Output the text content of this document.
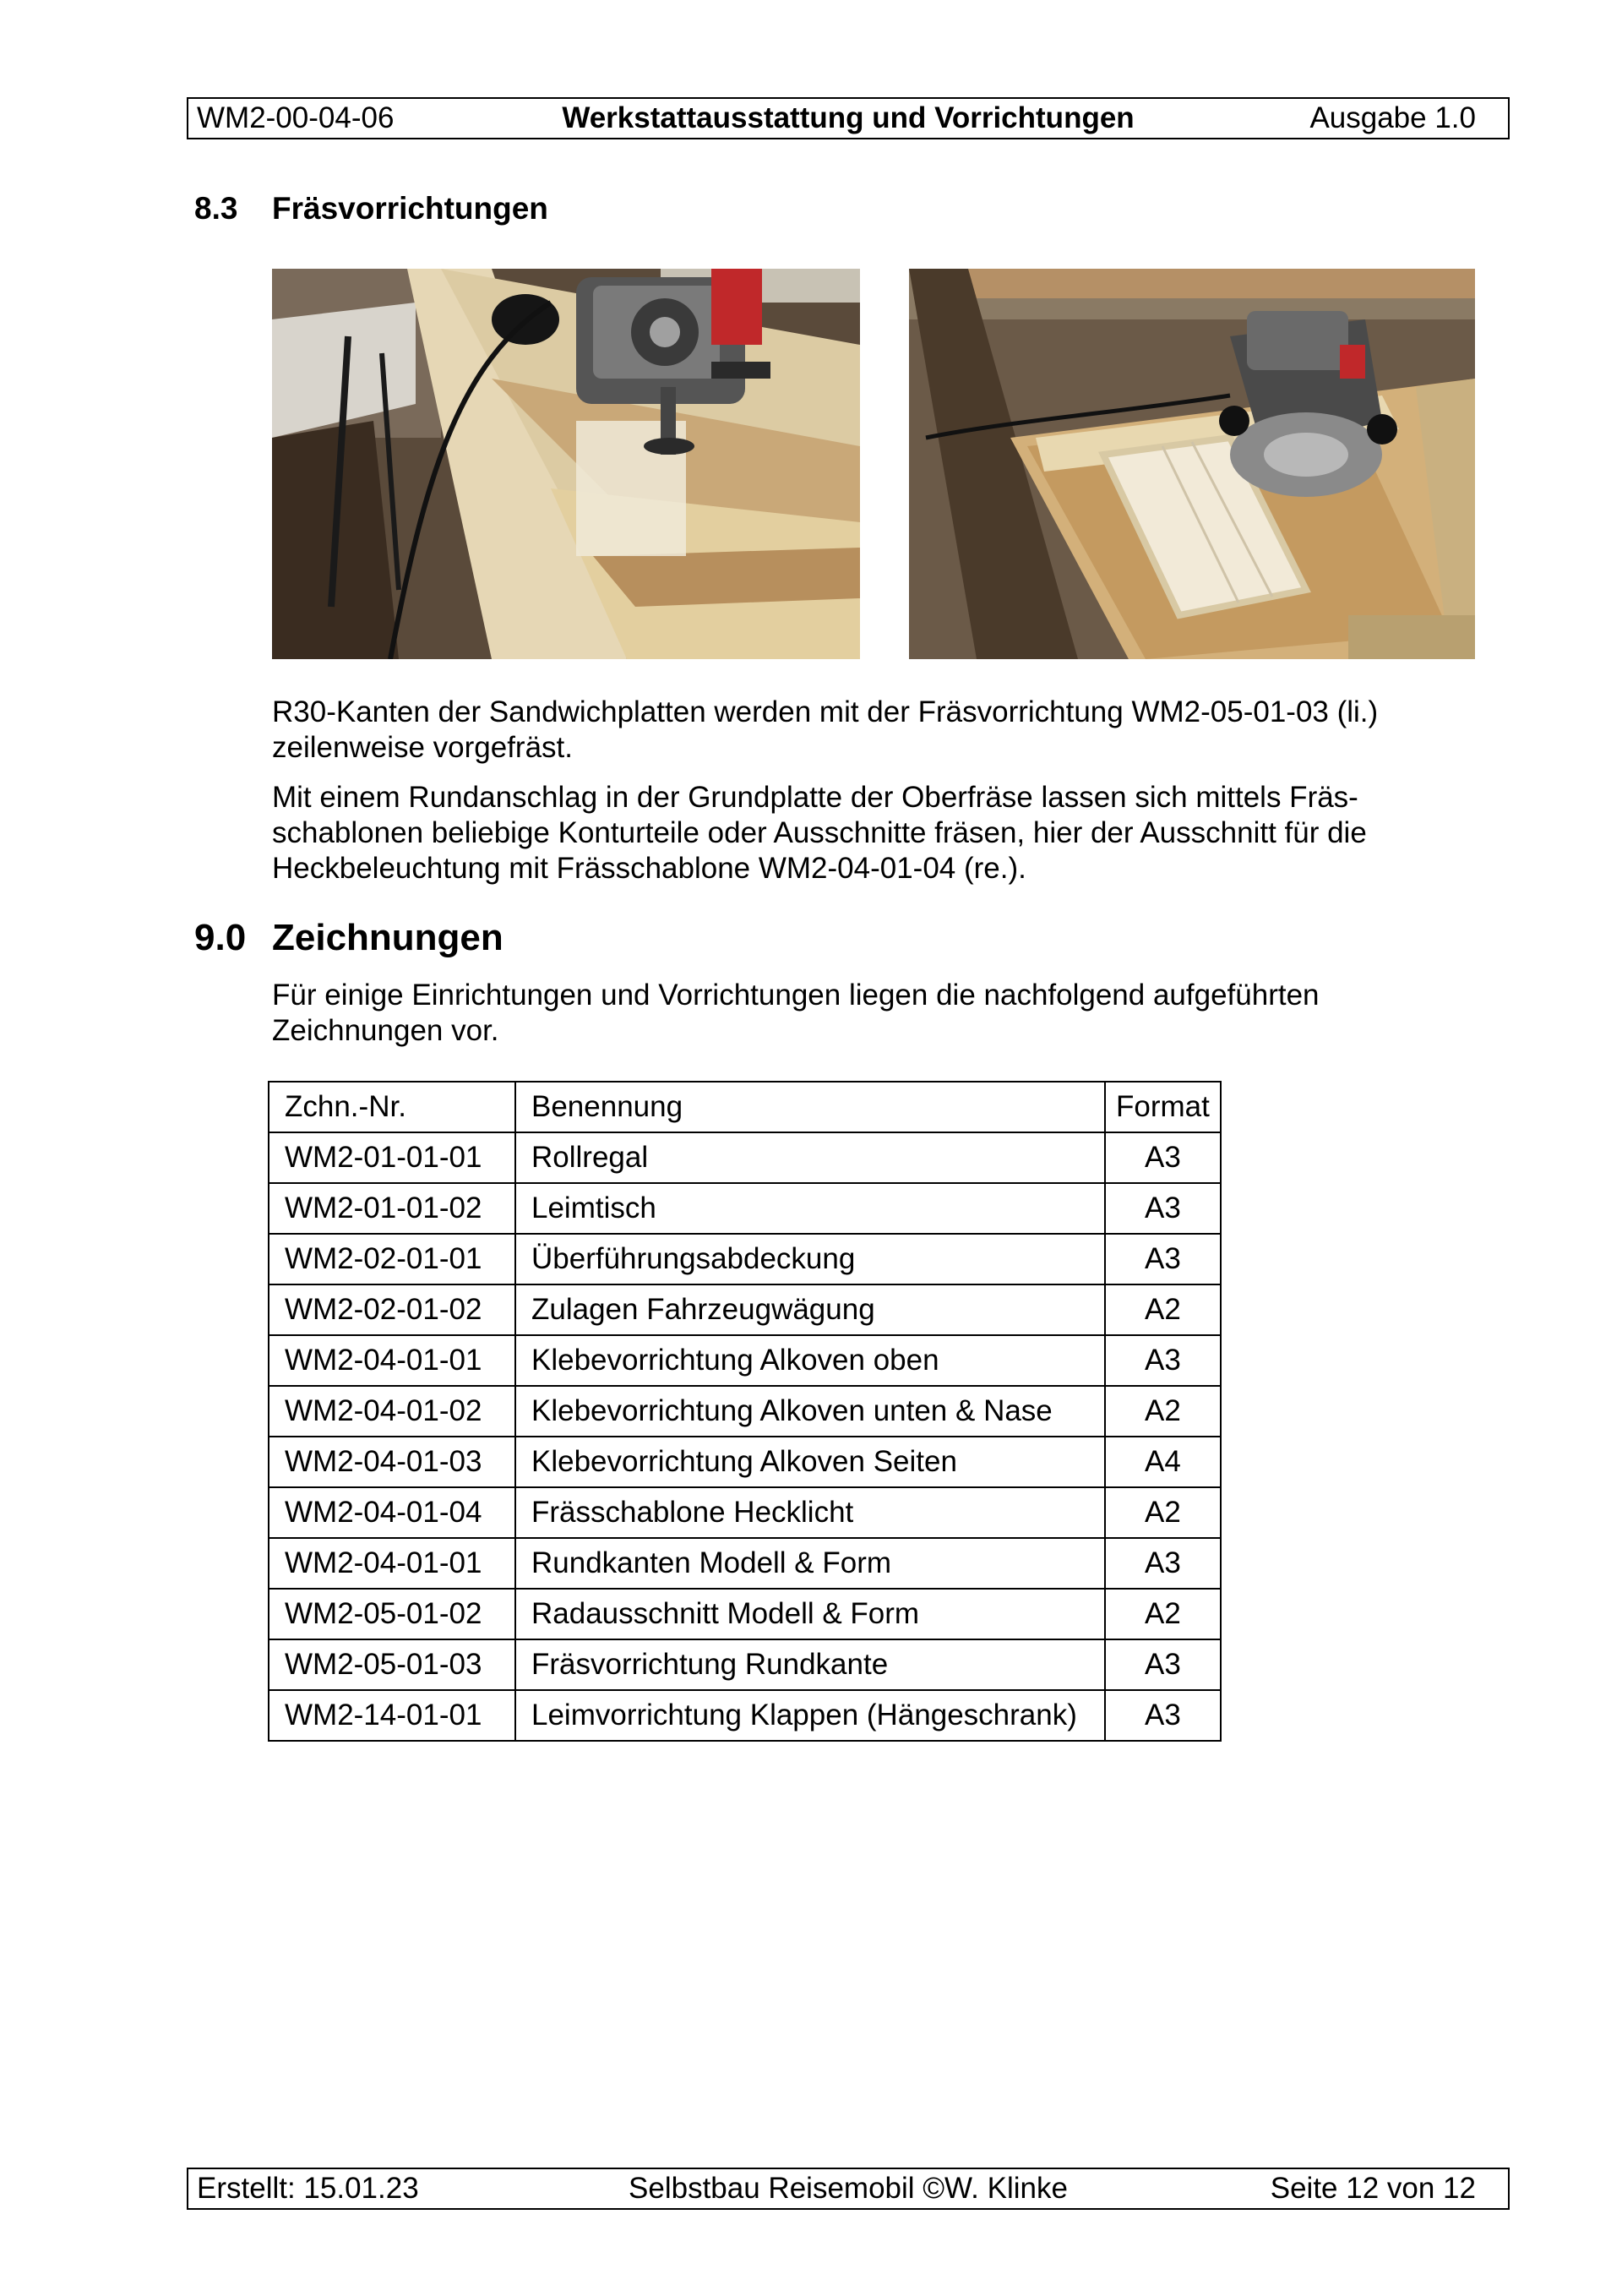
WM2-00-04-06	Werkstattausstattung und Vorrichtungen	Ausgabe 1.0
8.3 Fräsvorrichtungen

R30-Kanten der Sandwichplatten werden mit der Fräsvorrichtung WM2-05-01-03 (li.) zeilenweise vorgefräst.

Mit einem Rundanschlag in der Grundplatte der Oberfräse lassen sich mittels Fräs-schablonen beliebige Konturteile oder Ausschnitte fräsen, hier der Ausschnitt für die Heckbeleuchtung mit Frässchablone WM2-04-01-04 (re.).

9.0 Zeichnungen

Für einige Einrichtungen und Vorrichtungen liegen die nachfolgend aufgeführten Zeichnungen vor.

Zchn.-Nr.	Benennung	Format
WM2-01-01-01	Rollregal	A3
WM2-01-01-02	Leimtisch	A3
WM2-02-01-01	Überführungsabdeckung	A3
WM2-02-01-02	Zulagen Fahrzeugwägung	A2
WM2-04-01-01	Klebevorrichtung Alkoven oben	A3
WM2-04-01-02	Klebevorrichtung Alkoven unten & Nase	A2
WM2-04-01-03	Klebevorrichtung Alkoven Seiten	A4
WM2-04-01-04	Frässchablone Hecklicht	A2
WM2-04-01-01	Rundkanten Modell & Form	A3
WM2-05-01-02	Radausschnitt Modell & Form	A2
WM2-05-01-03	Fräsvorrichtung Rundkante	A3
WM2-14-01-01	Leimvorrichtung Klappen (Hängeschrank)	A3
Erstellt: 15.01.23	Selbstbau Reisemobil ©W. Klinke	Seite 12 von 12
